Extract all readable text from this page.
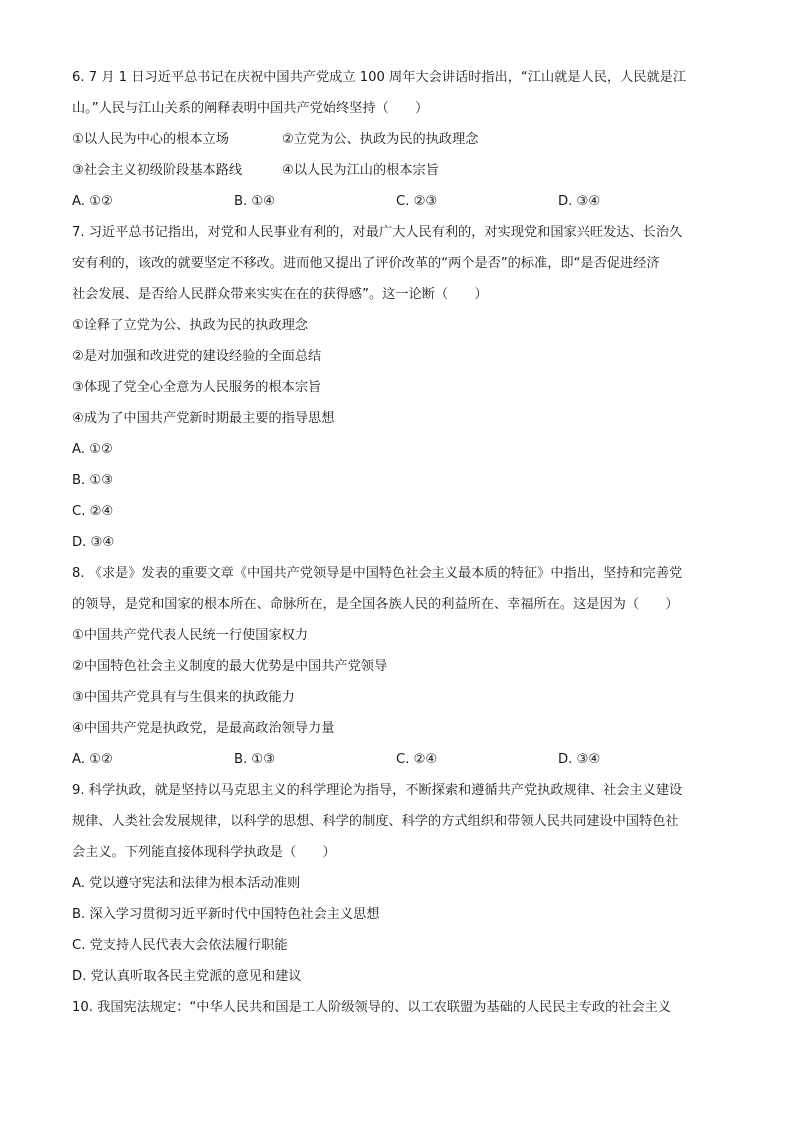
6. 7 月 1 日习近平总书记在庆祝中国共产党成立 100 周年大会讲话时指出，“江山就是人民，人民就是江
山。”人民与江山关系的阐释表明中国共产党始终坚持（　　）
①以人民为中心的根本立场	②立党为公、执政为民的执政理念
③社会主义初级阶段基本路线	④以人民为江山的根本宗旨
A. ①②	B. ①④	C. ②③	D. ③④
7. 习近平总书记指出，对党和人民事业有利的，对最广大人民有利的，对实现党和国家兴旺发达、长治久
安有利的，该改的就要坚定不移改。进而他又提出了评价改革的“两个是否”的标准，即“是否促进经济
社会发展、是否给人民群众带来实实在在的获得感”。这一论断（　　）
①诠释了立党为公、执政为民的执政理念
②是对加强和改进党的建设经验的全面总结
③体现了党全心全意为人民服务的根本宗旨
④成为了中国共产党新时期最主要的指导思想
A. ①②
B. ①③
C. ②④
D. ③④
8. 《求是》发表的重要文章《中国共产党领导是中国特色社会主义最本质的特征》中指出，坚持和完善党
的领导，是党和国家的根本所在、命脉所在，是全国各族人民的利益所在、幸福所在。这是因为（　　）
①中国共产党代表人民统一行使国家权力
②中国特色社会主义制度的最大优势是中国共产党领导
③中国共产党具有与生俱来的执政能力
④中国共产党是执政党，是最高政治领导力量
A. ①②	B. ①③	C. ②④	D. ③④
9. 科学执政，就是坚持以马克思主义的科学理论为指导，不断探索和遵循共产党执政规律、社会主义建设
规律、人类社会发展规律，以科学的思想、科学的制度、科学的方式组织和带领人民共同建设中国特色社
会主义。下列能直接体现科学执政是（　　）
A. 党以遵守宪法和法律为根本活动准则
B. 深入学习贯彻习近平新时代中国特色社会主义思想
C. 党支持人民代表大会依法履行职能
D. 党认真听取各民主党派的意见和建议
10. 我国宪法规定：“中华人民共和国是工人阶级领导的、以工农联盟为基础的人民民主专政的社会主义
